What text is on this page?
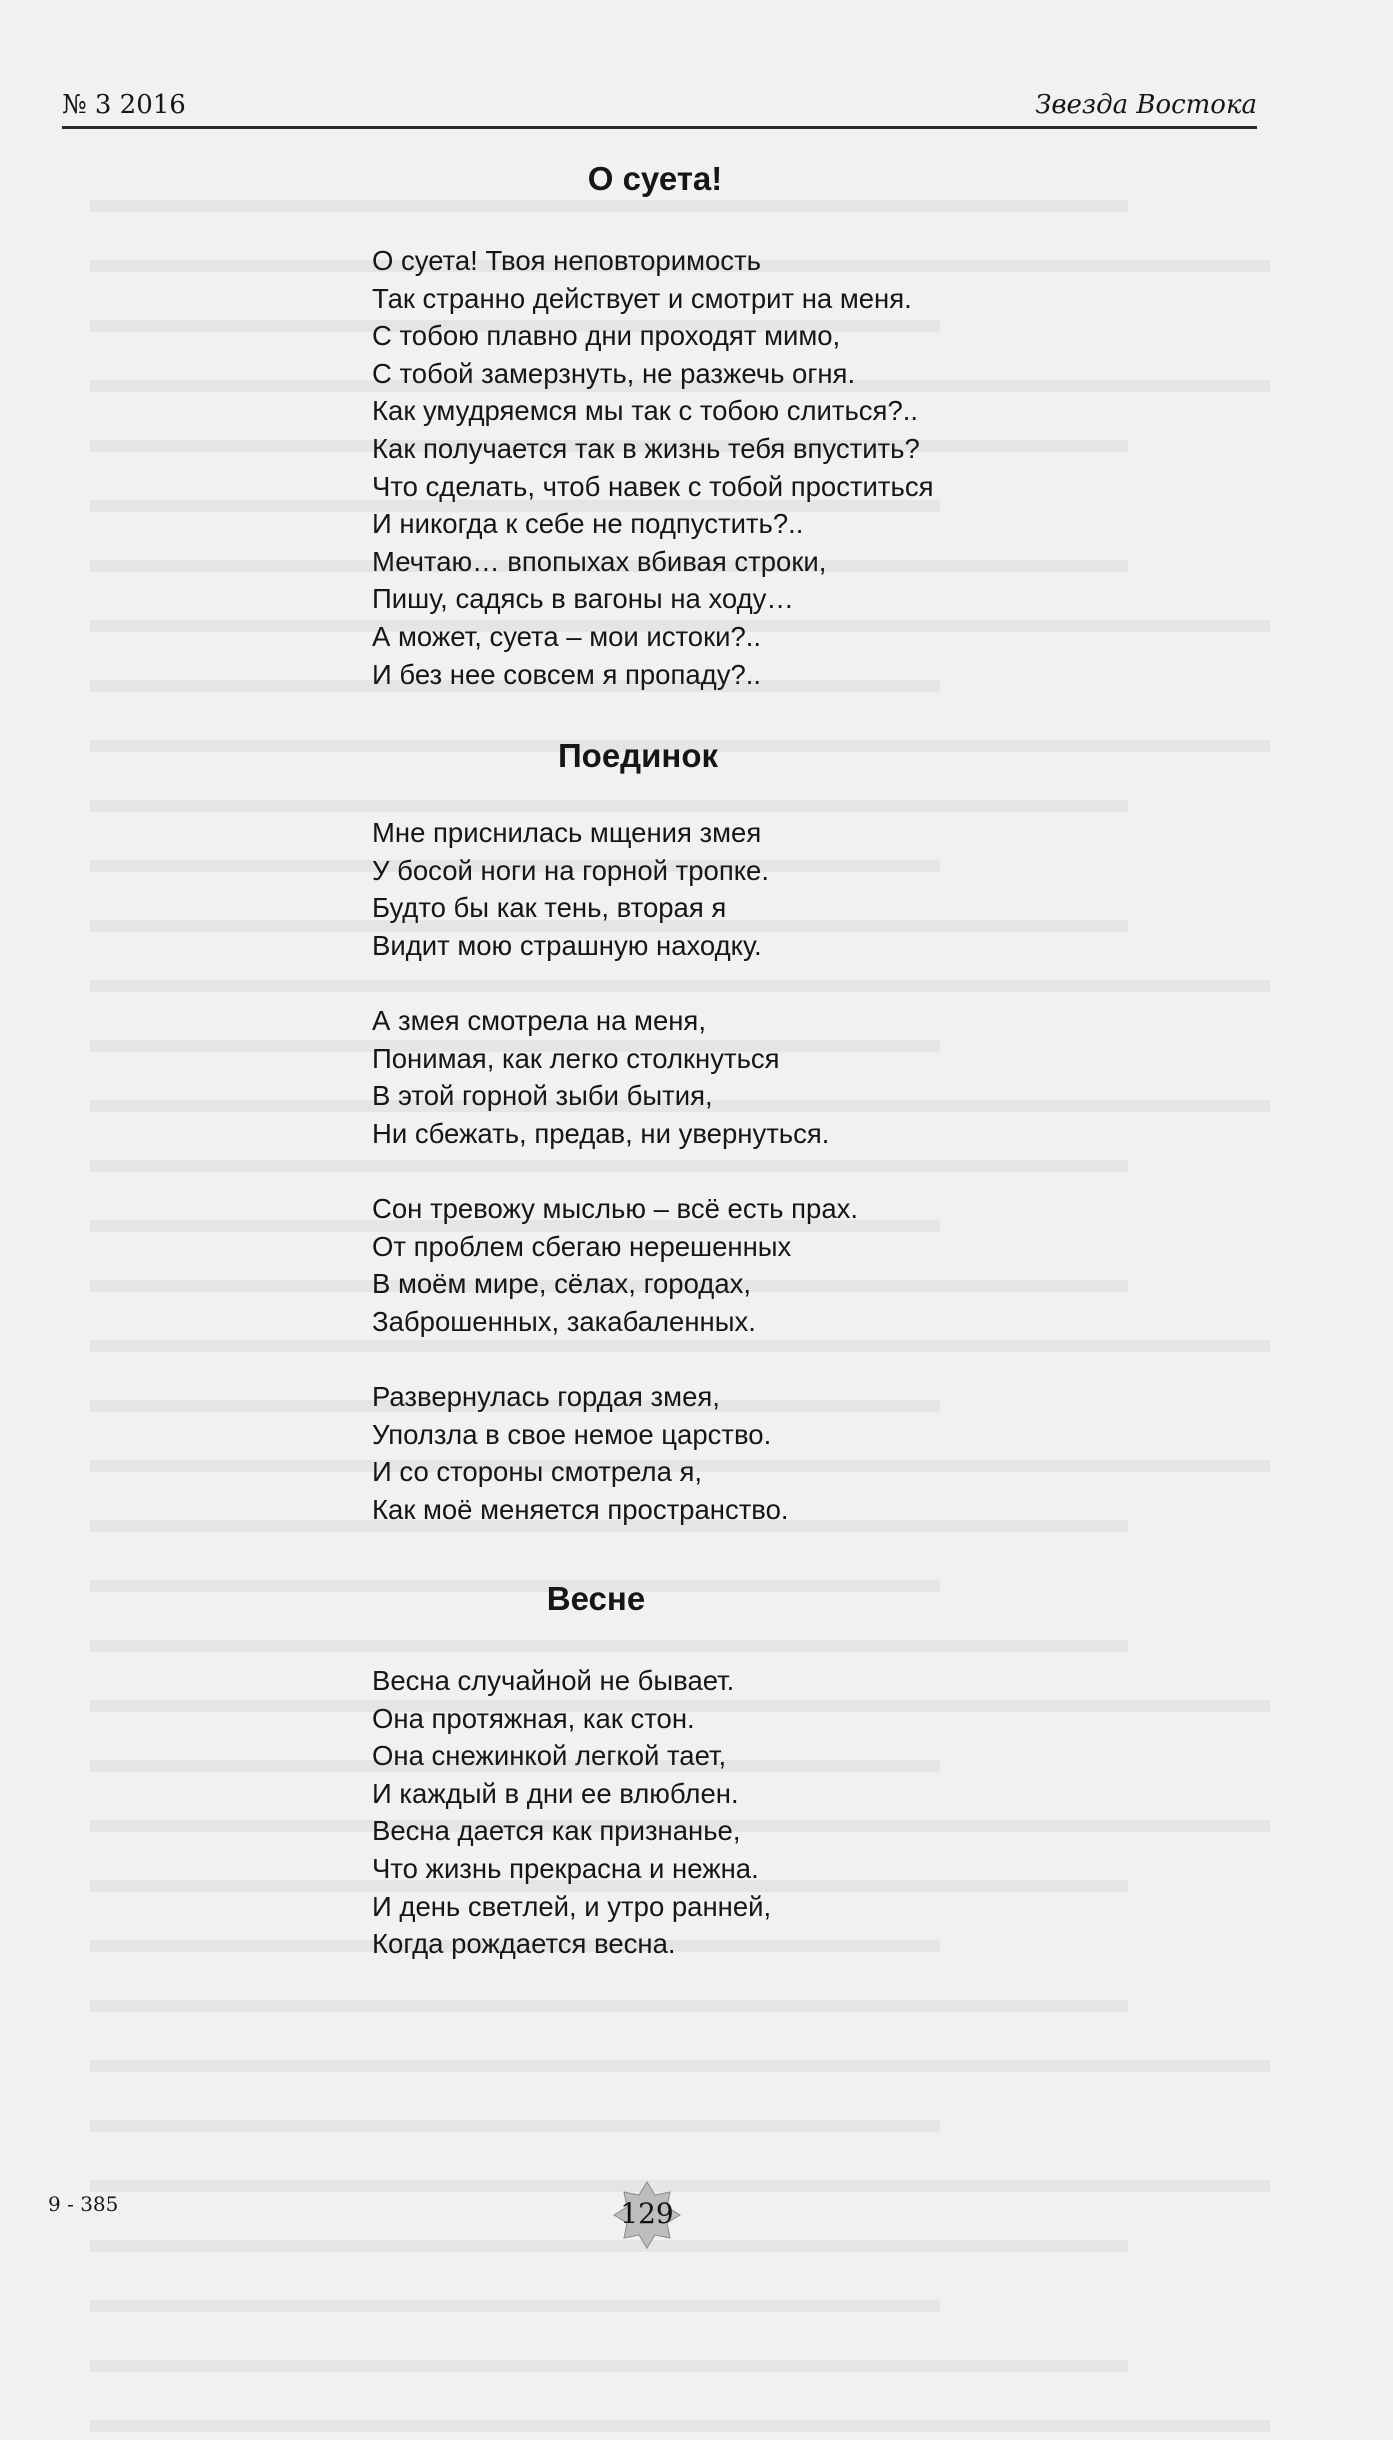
№ 3 2016	Звезда Востока
О суета!
О суета! Твоя неповторимость
Так странно действует и смотрит на меня.
С тобою плавно дни проходят мимо,
С тобой замерзнуть, не разжечь огня.
Как умудряемся мы так с тобою слиться?..
Как получается так в жизнь тебя впустить?
Что сделать, чтоб навек с тобой проститься
И никогда к себе не подпустить?..
Мечтаю… впопыхах вбивая строки,
Пишу, садясь в вагоны на ходу…
А может, суета – мои истоки?..
И без нее совсем я пропаду?..
Поединок
Мне приснилась мщения змея
У босой ноги на горной тропке.
Будто бы как тень, вторая я
Видит мою страшную находку.
А змея смотрела на меня,
Понимая, как легко столкнуться
В этой горной зыби бытия,
Ни сбежать, предав, ни увернуться.
Сон тревожу мыслью – всё есть прах.
От проблем сбегаю нерешенных
В моём мире, сёлах, городах,
Заброшенных, закабаленных.
Развернулась гордая змея,
Уползла в свое немое царство.
И со стороны смотрела я,
Как моё меняется пространство.
Весне
Весна случайной не бывает.
Она протяжная, как стон.
Она снежинкой легкой тает,
И каждый в дни ее влюблен.
Весна дается как признанье,
Что жизнь прекрасна и нежна.
И день светлей, и утро ранней,
Когда рождается весна.
9 - 385	129
